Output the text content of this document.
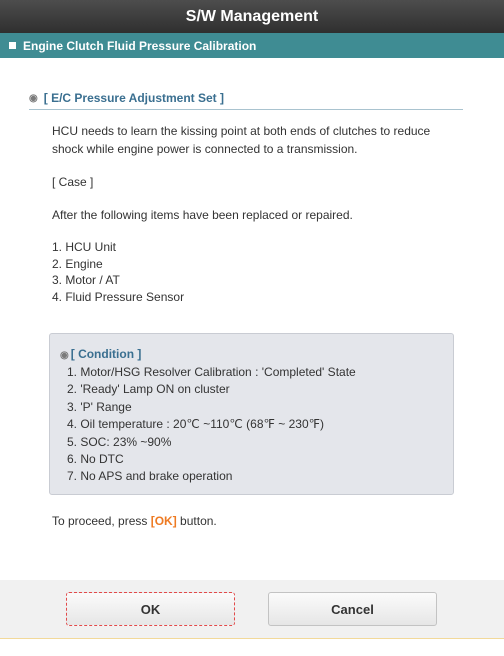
S/W Management
Engine Clutch Fluid Pressure Calibration
◉ [ E/C Pressure Adjustment Set ]
HCU needs to learn the kissing point at both ends of clutches to reduce
shock while engine power is connected to a transmission.
[ Case ]
After the following items have been replaced or repaired.
1. HCU Unit
2. Engine
3. Motor / AT
4. Fluid Pressure Sensor
◉ [ Condition ]
1. Motor/HSG Resolver Calibration : 'Completed' State
2. 'Ready' Lamp ON on cluster
3. 'P' Range
4. Oil temperature : 20℃ ~110℃ (68℉ ~ 230℉)
5. SOC: 23% ~90%
6. No DTC
7. No APS and brake operation
To proceed, press [OK] button.
OK	Cancel
